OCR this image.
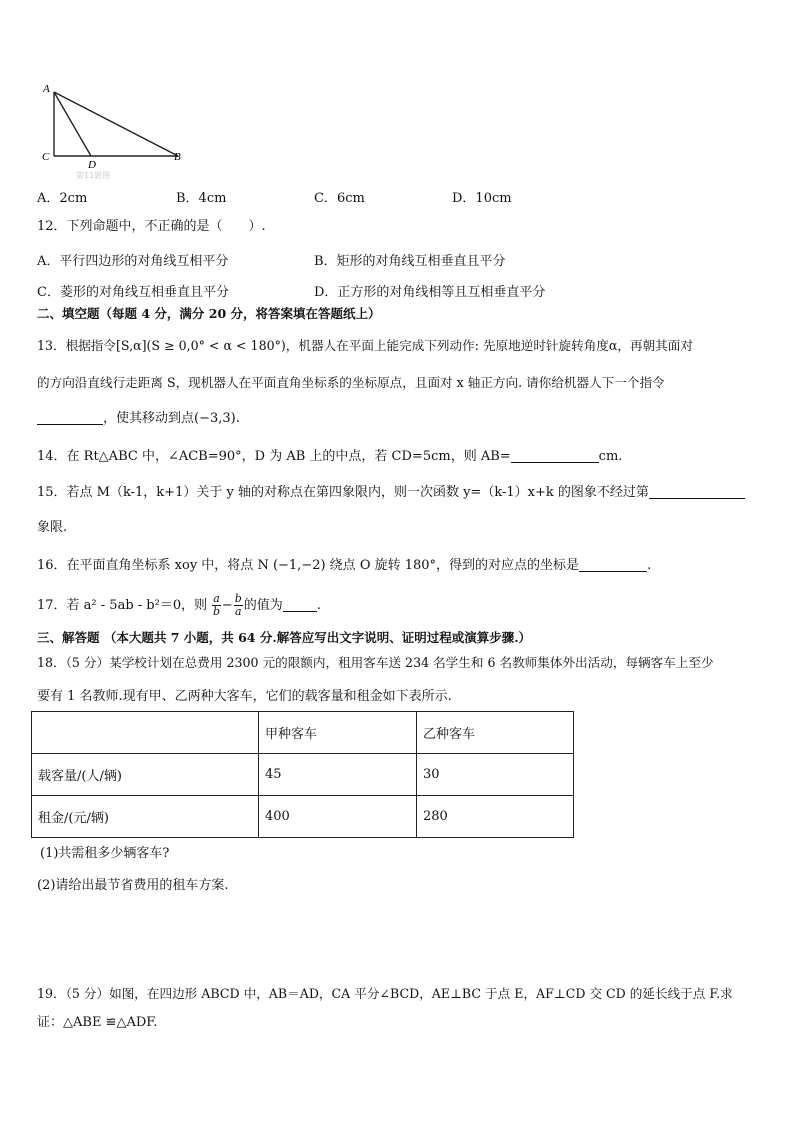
A
C
D
B
第11题图
A．2cm	B．4cm	C．6cm	D．10cm
12．下列命题中，不正确的是（　　）.
A．平行四边形的对角线互相平分	B．矩形的对角线互相垂直且平分
C．菱形的对角线互相垂直且平分	D．正方形的对角线相等且互相垂直平分
二、填空题（每题 4 分，满分 20 分，将答案填在答题纸上）
13．根据指令[S,α](S ≥ 0,0° < α < 180°)，机器人在平面上能完成下列动作: 先原地逆时针旋转角度α，再朝其面对
的方向沿直线行走距离 S，现机器人在平面直角坐标系的坐标原点，且面对 x 轴正方向. 请你给机器人下一个指令
，使其移动到点(−3,3).
14．在 Rt△ABC 中，∠ACB=90°，D 为 AB 上的中点，若 CD=5cm，则 AB=	cm.
15．若点 M（k-1，k+1）关于 y 轴的对称点在第四象限内，则一次函数 y=（k-1）x+k 的图象不经过第
象限.
16．在平面直角坐标系 xoy 中，将点 N (−1,−2) 绕点 O 旋转 180°，得到的对应点的坐标是	.
17．若 a² - 5ab - b²＝0，则 $\frac{a}{b} - \frac{b}{a}$ 的值为	.
三、解答题 （本大题共 7 小题，共 64 分.解答应写出文字说明、证明过程或演算步骤.）
18．（5 分）某学校计划在总费用 2300 元的限额内，租用客车送 234 名学生和 6 名教师集体外出活动，每辆客车上至少
要有 1 名教师.现有甲、乙两种大客车，它们的载客量和租金如下表所示.
	甲种客车	乙种客车
载客量/(人/辆)	45	30
租金/(元/辆)	400	280
(1)共需租多少辆客车?
(2)请给出最节省费用的租车方案.
19．（5 分）如图，在四边形 ABCD 中，AB＝AD，CA 平分∠BCD，AE⊥BC 于点 E，AF⊥CD 交 CD 的延长线于点 F.求
证：△ABE ≌△ADF.
